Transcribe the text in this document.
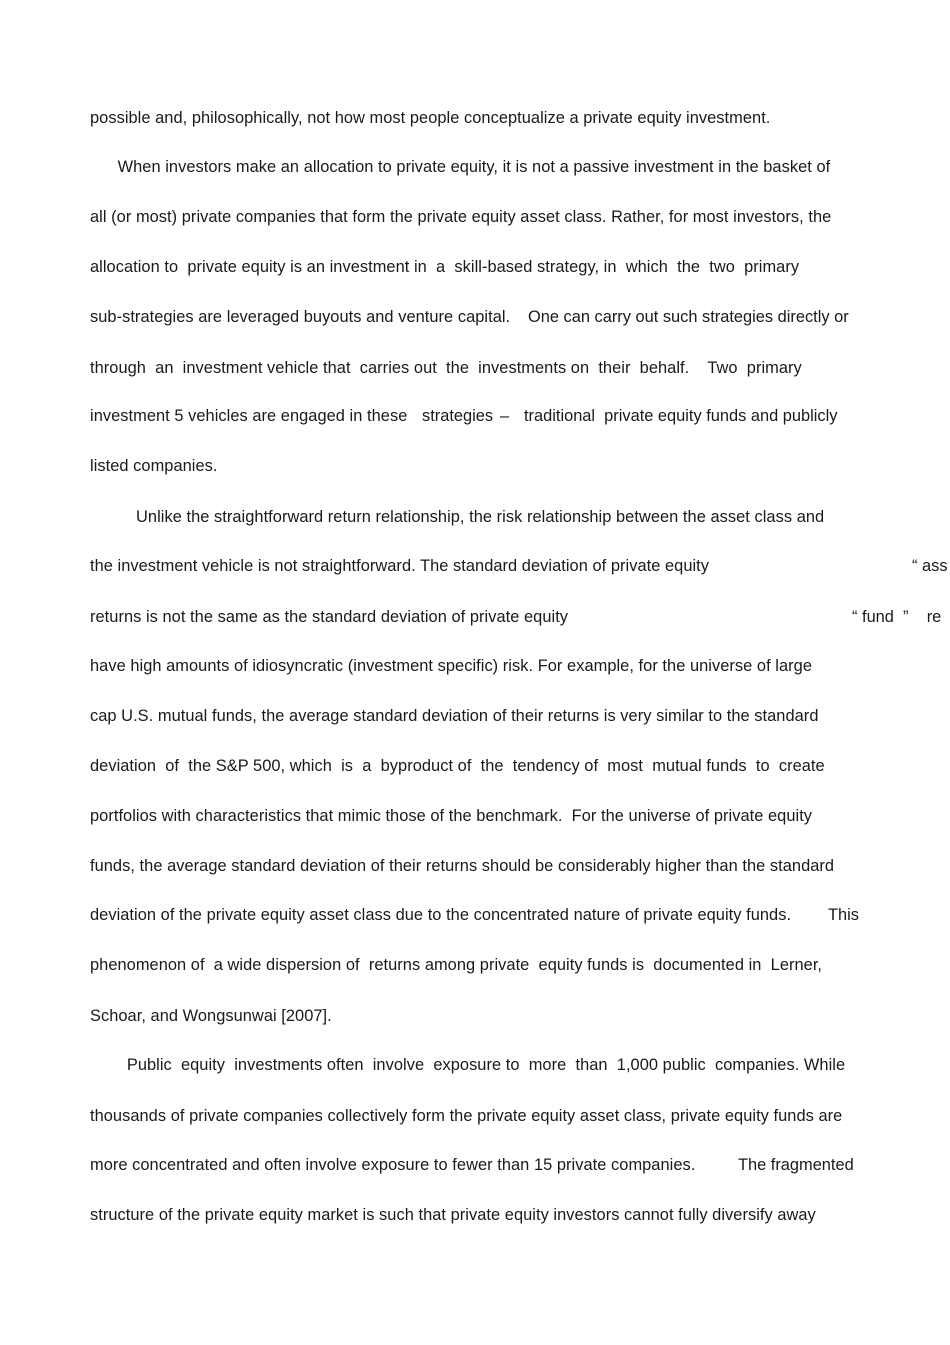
possible and, philosophically, not how most people conceptualize a private equity investment.
When investors make an allocation to private equity, it is not a passive investment in the basket of
all (or most) private companies that form the private equity asset class. Rather, for most investors, the
allocation to  private equity is an investment in  a  skill-based strategy, in  which  the  two  primary
sub-strategies are leveraged buyouts and venture capital. One can carry out such strategies directly or
through  an  investment vehicle that  carries out  the  investments on  their  behalf.    Two  primary
investment 5 vehicles are engaged in these strategies – traditional  private equity funds and publicly
listed companies.
Unlike the straightforward return relationship, the risk relationship between the asset class and
the investment vehicle is not straightforward. The standard deviation of private equity	“ ass
returns is not the same as the standard deviation of private equity	“ fund  ”    re
have high amounts of idiosyncratic (investment specific) risk. For example, for the universe of large
cap U.S. mutual funds, the average standard deviation of their returns is very similar to the standard
deviation  of  the S&P 500, which  is  a  byproduct of  the  tendency of  most  mutual funds  to  create
portfolios with characteristics that mimic those of the benchmark.  For the universe of private equity
funds, the average standard deviation of their returns should be considerably higher than the standard
deviation of the private equity asset class due to the concentrated nature of private equity funds. This
phenomenon of  a wide dispersion of  returns among private  equity funds is  documented in  Lerner,
Schoar, and Wongsunwai [2007].
Public  equity  investments often  involve  exposure to  more  than  1,000 public  companies. While
thousands of private companies collectively form the private equity asset class, private equity funds are
more concentrated and often involve exposure to fewer than 15 private companies.	The fragmented
structure of the private equity market is such that private equity investors cannot fully diversify away
